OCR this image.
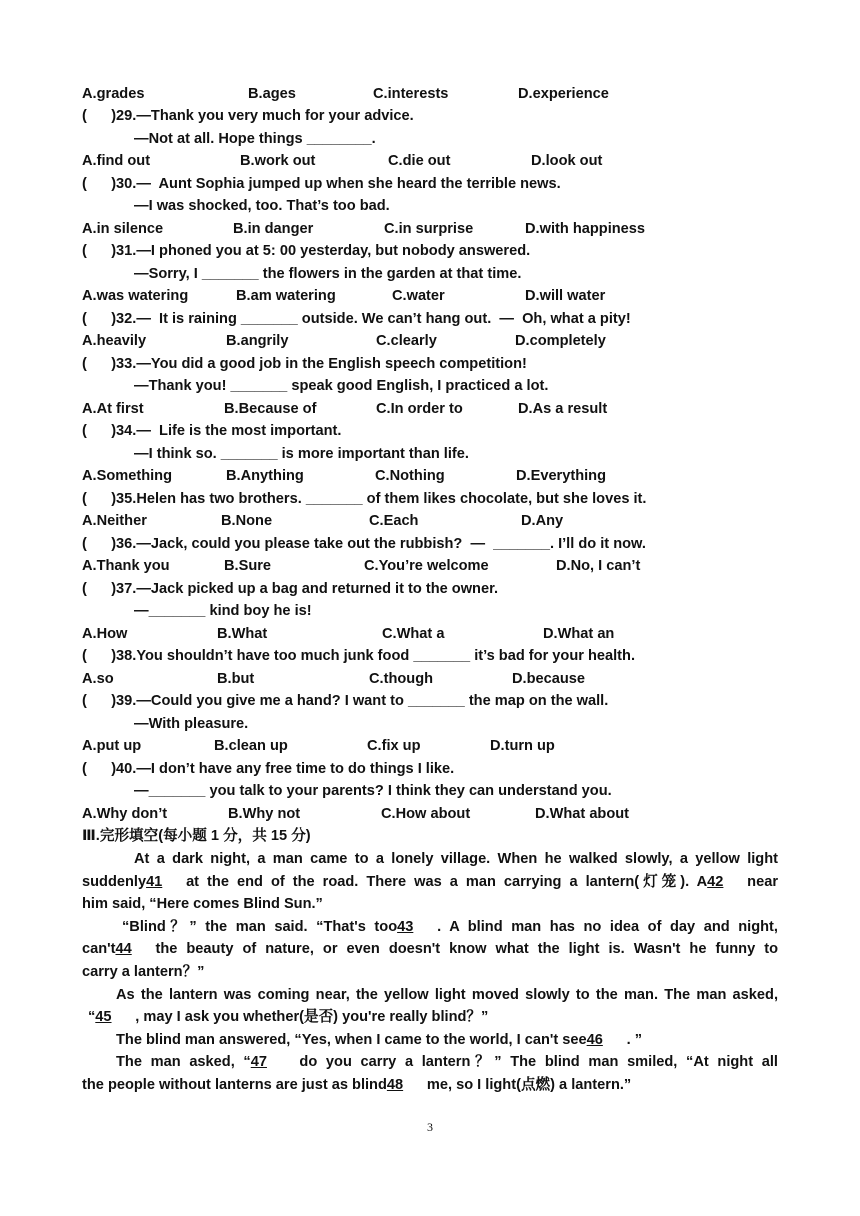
A.grades	B.ages	C.interests	D.experience
(      )29.—Thank you very much for your advice.
—Not at all. Hope things ________.
A.find out	B.work out	C.die out	D.look out
(      )30.—  Aunt Sophia jumped up when she heard the terrible news.
—I was shocked, too. That’s too bad.
A.in silence	B.in danger	C.in surprise	D.with happiness
(      )31.—I phoned you at 5: 00 yesterday, but nobody answered.
—Sorry, I _______ the flowers in the garden at that time.
A.was watering	B.am watering	C.water	D.will water
(      )32.—  It is raining _______ outside. We can’t hang out.  —  Oh, what a pity!
A.heavily	B.angrily	C.clearly	D.completely
(      )33.—You did a good job in the English speech competition!
—Thank you! _______ speak good English, I practiced a lot.
A.At first	B.Because of	C.In order to	D.As a result
(      )34.—  Life is the most important.
—I think so. _______ is more important than life.
A.Something	B.Anything	C.Nothing	D.Everything
(      )35.Helen has two brothers. _______ of them likes chocolate, but she loves it.
A.Neither	B.None	C.Each	D.Any
(      )36.—Jack, could you please take out the rubbish?  —  _______. I’ll do it now.
A.Thank you	B.Sure	C.You’re welcome	D.No, I can’t
(      )37.—Jack picked up a bag and returned it to the owner.
—_______ kind boy he is!
A.How	B.What	C.What a	D.What an
(      )38.You shouldn’t have too much junk food _______ it’s bad for your health.
A.so	B.but	C.though	D.because
(      )39.—Could you give me a hand? I want to _______ the map on the wall.
—With pleasure.
A.put up	B.clean up	C.fix up	D.turn up
(      )40.—I don’t have any free time to do things I like.
—_______ you talk to your parents? I think they can understand you.
A.Why don’t	B.Why not	C.How about	D.What about
Ⅲ.完形填空(每小题 1 分，共 15 分)
At a dark night, a man came to a lonely village. When he walked slowly, a yellow light
suddenly41 at the end of the road. There was a man carrying a lantern(灯笼). A42 near
him said, “Here comes Blind Sun.”
“Blind？” the man said. “That's too43 . A blind man has no idea of day and night,
can't44 the beauty of nature, or even doesn't know what the light is. Wasn't he funny to
carry a lantern？”
As the lantern was coming near, the yellow light moved slowly to the man. The man asked,
“45 , may I ask you whether(是否) you're really blind？”
The blind man answered, “Yes, when I came to the world, I can't see46 . ”
The man asked, “47 do you carry a lantern？” The blind man smiled, “At night all
the people without lanterns are just as blind48 me, so I light(点燃) a lantern.”
3
